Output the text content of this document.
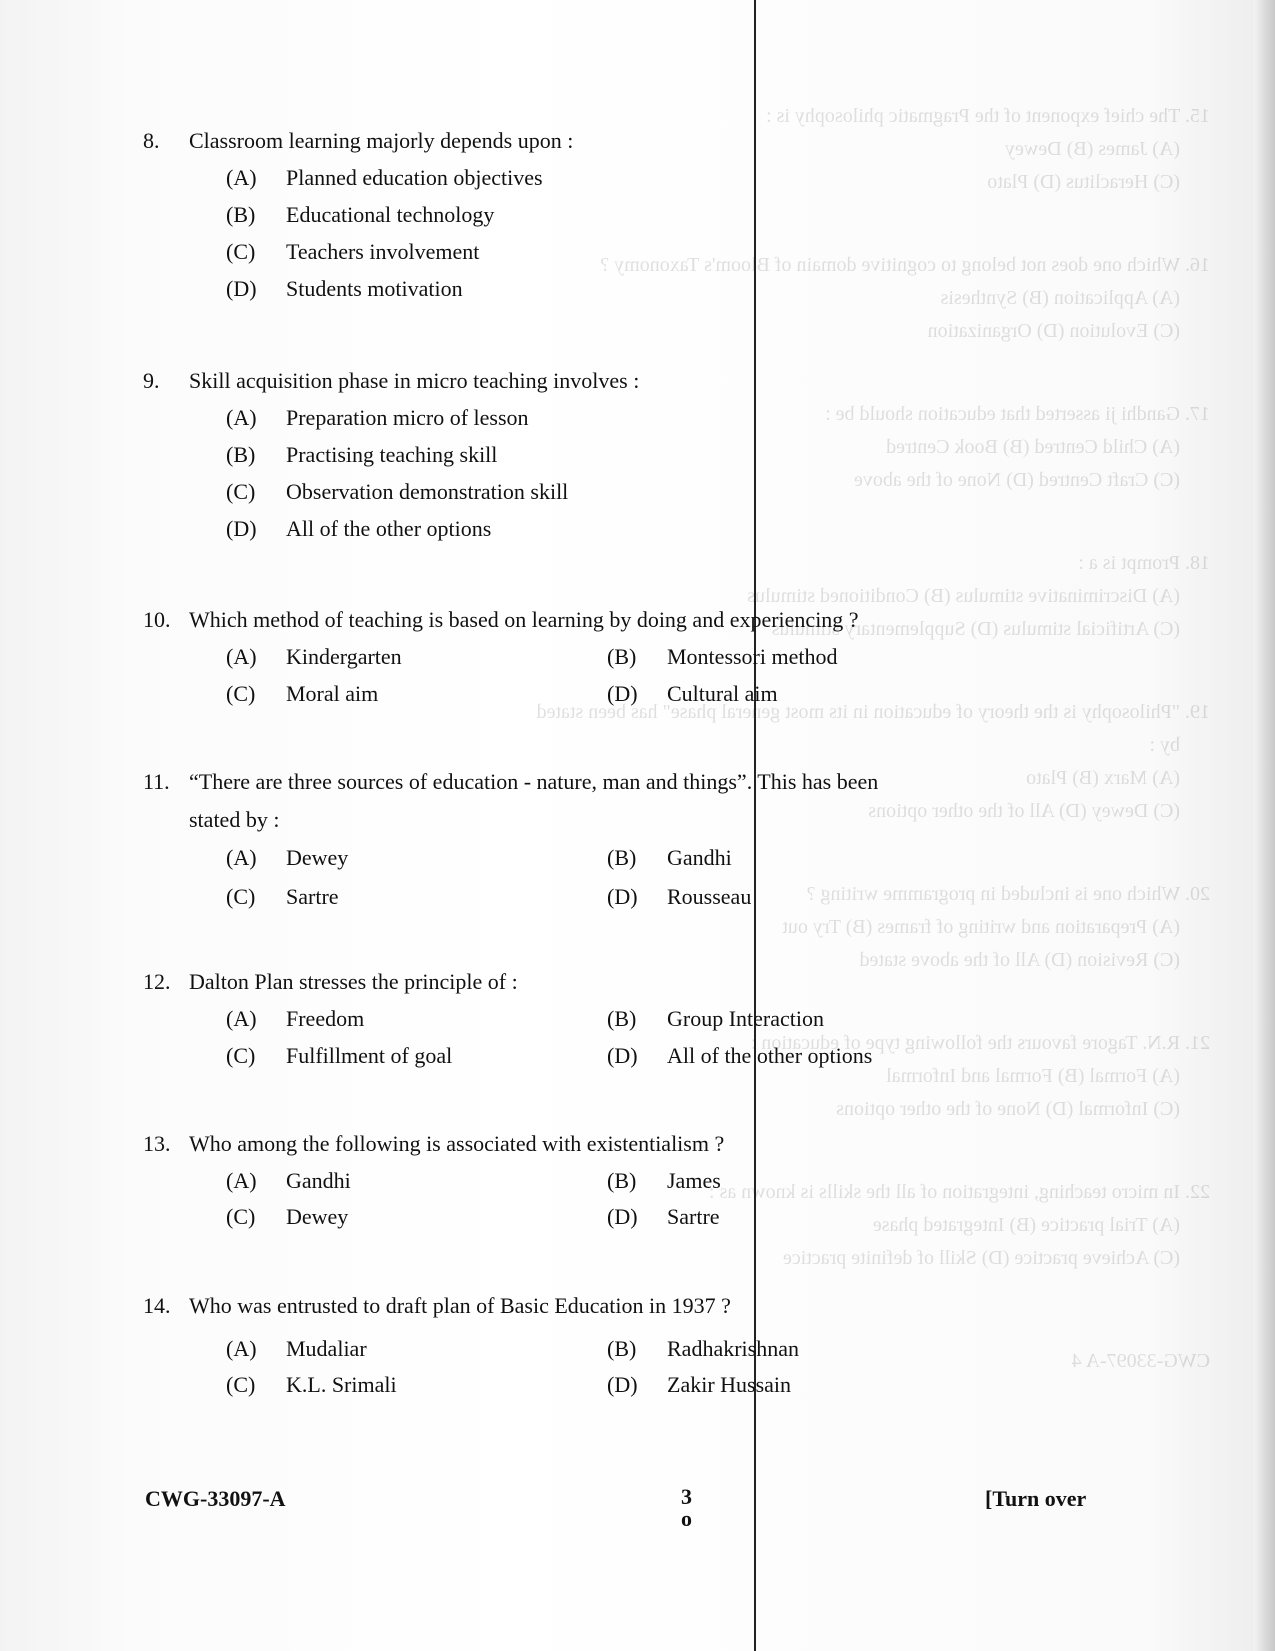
15. The chief exponent of the Pragmatic philosophy is :
(A) James (B) Dewey
(C) Heraclitus (D) Plato
16. Which one does not belong to cognitive domain of Bloom's Taxonomy ?
(A) Application (B) Synthesis
(C) Evolution (D) Organization
17. Gandhi ji asserted that education should be :
(A) Child Centred (B) Book Centred
(C) Craft Centred (D) None of the above
18. Prompt is a :
(A) Discriminative stimulus (B) Conditioned stimulus
(C) Artificial stimulus (D) Supplementary stimulus
19. "Philosophy is the theory of education in its most general phase" has been stated
by :
(A) Marx (B) Plato
(C) Dewey (D) All of the other options
20. Which one is included in programme writing ?
(A) Preparation and writing of frames (B) Try out
(C) Revision (D) All of the above stated
21. R.N. Tagore favours the following type of education :
(A) Formal (B) Formal and Informal
(C) Informal (D) None of the other options
22. In micro teaching, integration of all the skills is known as :
(A) Trial practice (B) Integrated phase
(C) Achieve practice (D) Skill of definite practice
CWG-33097-A 4
8.	Classroom learning majorly depends upon :
(A) Planned education objectives
(B) Educational technology
(C) Teachers involvement
(D) Students motivation
9.	Skill acquisition phase in micro teaching involves :
(A) Preparation micro of lesson
(B) Practising teaching skill
(C) Observation demonstration skill
(D) All of the other options
10. Which method of teaching is based on learning by doing and experiencing ?
(A) Kindergarten	(B) Montessori method
(C) Moral aim	(D) Cultural aim
11. “There are three sources of education - nature, man and things”. This has been
stated by :
(A) Dewey	(B) Gandhi
(C) Sartre	(D) Rousseau
12. Dalton Plan stresses the principle of :
(A) Freedom	(B) Group Interaction
(C) Fulfillment of goal	(D) All of the other options
13. Who among the following is associated with existentialism ?
(A) Gandhi	(B) James
(C) Dewey	(D) Sartre
14. Who was entrusted to draft plan of Basic Education in 1937 ?
(A) Mudaliar	(B) Radhakrishnan
(C) K.L. Srimali	(D) Zakir Hussain
CWG-33097-A	3
o
[Turn over
